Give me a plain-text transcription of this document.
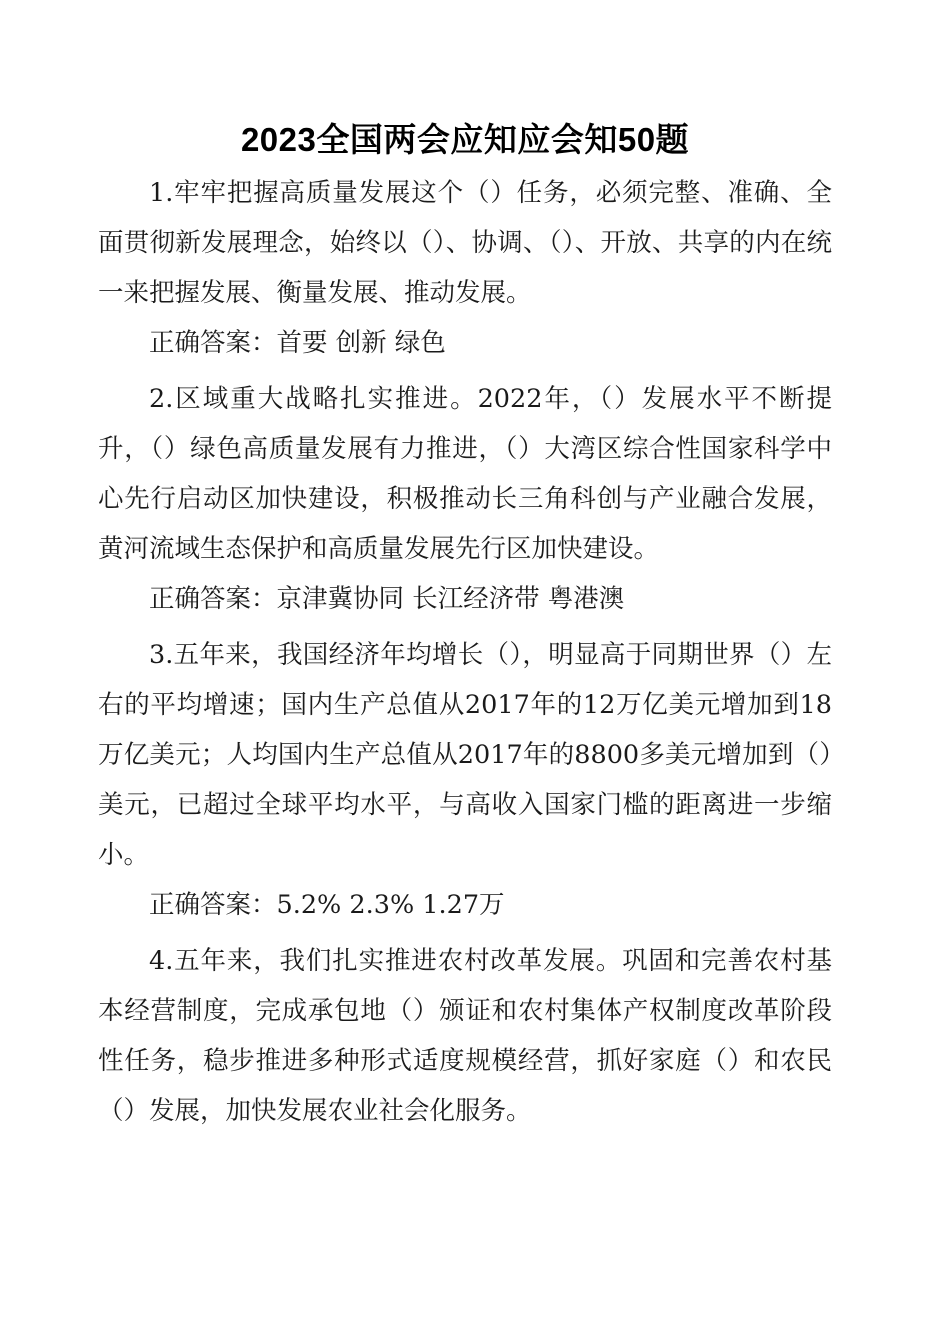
2023全国两会应知应会知50题

1.牢牢把握高质量发展这个（）任务，必须完整、准确、全面贯彻新发展理念，始终以（）、协调、（）、开放、共享的内在统一来把握发展、衡量发展、推动发展。

正确答案：首要 创新 绿色

2.区域重大战略扎实推进。2022年，（）发展水平不断提升，（）绿色高质量发展有力推进，（）大湾区综合性国家科学中心先行启动区加快建设，积极推动长三角科创与产业融合发展，黄河流域生态保护和高质量发展先行区加快建设。

正确答案：京津冀协同 长江经济带 粤港澳

3.五年来，我国经济年均增长（），明显高于同期世界（）左右的平均增速；国内生产总值从2017年的12万亿美元增加到18万亿美元；人均国内生产总值从2017年的8800多美元增加到（）美元，已超过全球平均水平，与高收入国家门槛的距离进一步缩小。

正确答案：5.2% 2.3% 1.27万

4.五年来，我们扎实推进农村改革发展。巩固和完善农村基本经营制度，完成承包地（）颁证和农村集体产权制度改革阶段性任务，稳步推进多种形式适度规模经营，抓好家庭（）和农民（）发展，加快发展农业社会化服务。
